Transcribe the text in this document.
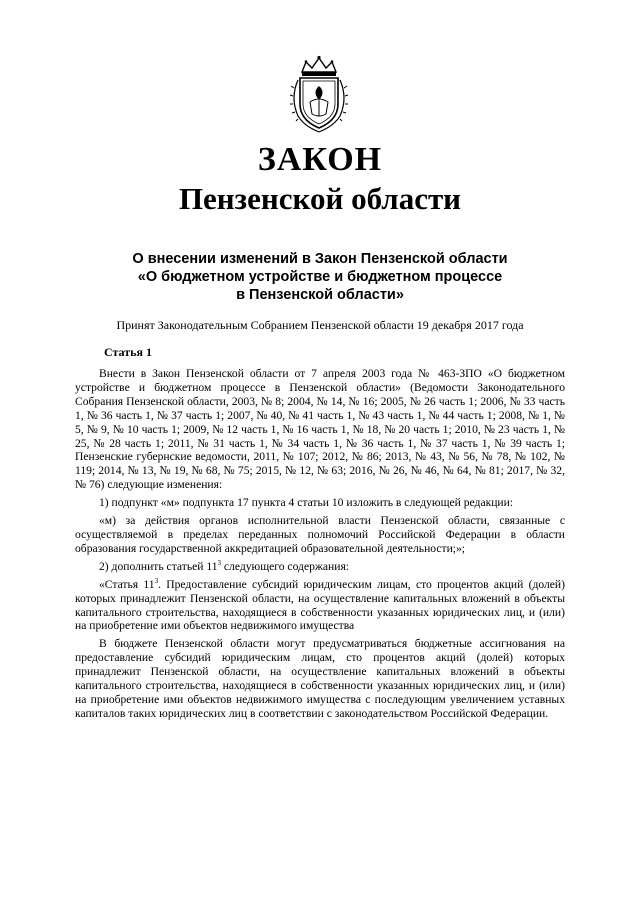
ЗАКОН
Пензенской области
О внесении изменений в Закон Пензенской области
«О бюджетном устройстве и бюджетном процессе
в Пензенской области»
Принят Законодательным Собранием Пензенской области 19 декабря 2017 года
Статья 1

Внести в Закон Пензенской области от 7 апреля 2003 года № 463-ЗПО «О бюджетном устройстве и бюджетном процессе в Пензенской области» (Ведомости Законодательного Собрания Пензенской области, 2003, № 8; 2004, № 14, № 16; 2005, № 26 часть 1; 2006, № 33 часть 1, № 36 часть 1, № 37 часть 1; 2007, № 40, № 41 часть 1, № 43 часть 1, № 44 часть 1; 2008, № 1, № 5, № 9, № 10 часть 1; 2009, № 12 часть 1, № 16 часть 1, № 18, № 20 часть 1; 2010, № 23 часть 1, № 25, № 28 часть 1; 2011, № 31 часть 1, № 34 часть 1, № 36 часть 1, № 37 часть 1, № 39 часть 1; Пензенские губернские ведомости, 2011, № 107; 2012, № 86; 2013, № 43, № 56, № 78, № 102, № 119; 2014, № 13, № 19, № 68, № 75; 2015, № 12, № 63; 2016, № 26, № 46, № 64, № 81; 2017, № 32, № 76) следующие изменения:

1) подпункт «м» подпункта 17 пункта 4 статьи 10 изложить в следующей редакции:

«м) за действия органов исполнительной власти Пензенской области, связанные с осуществляемой в пределах переданных полномочий Российской Федерации в области образования государственной аккредитацией образовательной деятельности;»;

2) дополнить статьей $11^3$ следующего содержания:

«Статья $11^3$. Предоставление субсидий юридическим лицам, сто процентов акций (долей) которых принадлежит Пензенской области, на осуществление капитальных вложений в объекты капитального строительства, находящиеся в собственности указанных юридических лиц, и (или) на приобретение ими объектов недвижимого имущества

В бюджете Пензенской области могут предусматриваться бюджетные ассигнования на предоставление субсидий юридическим лицам, сто процентов акций (долей) которых принадлежит Пензенской области, на осуществление капитальных вложений в объекты капитального строительства, находящиеся в собственности указанных юридических лиц, и (или) на приобретение ими объектов недвижимого имущества с последующим увеличением уставных капиталов таких юридических лиц в соответствии с законодательством Российской Федерации.
